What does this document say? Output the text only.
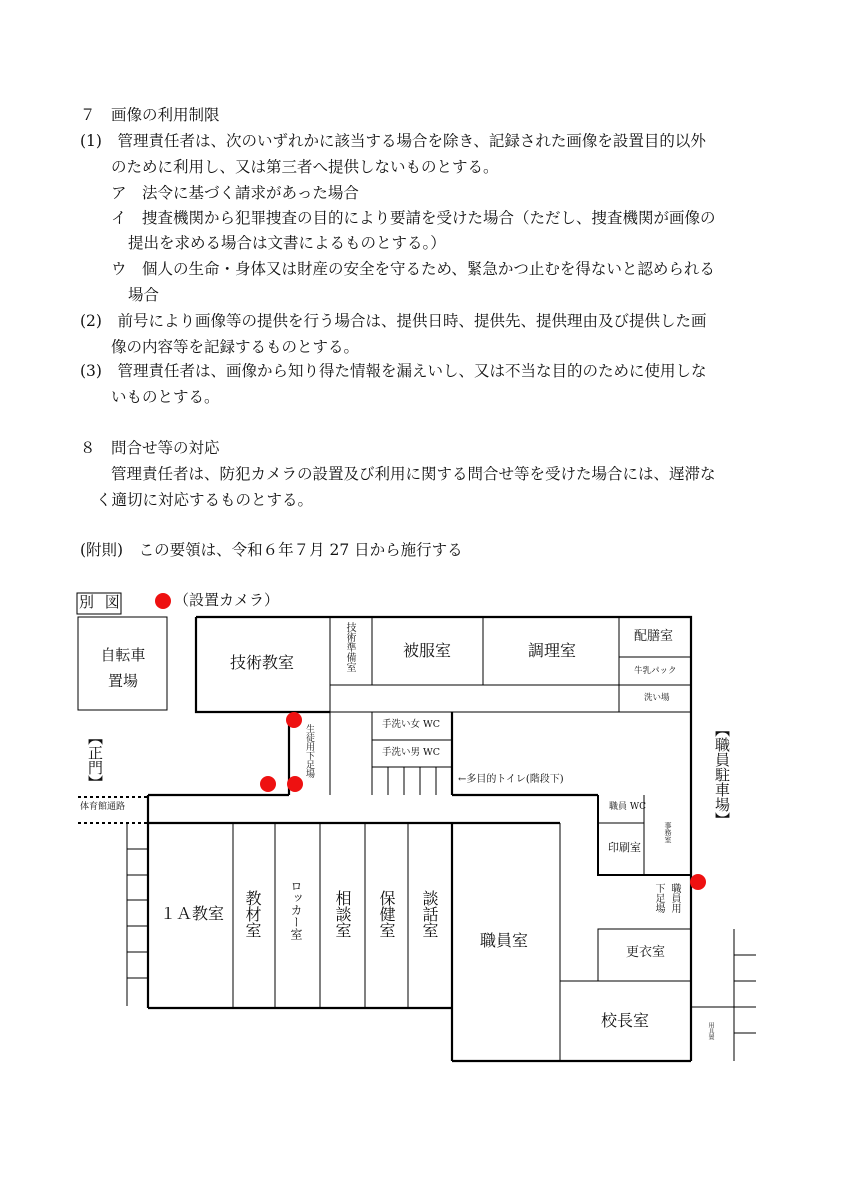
７　画像の利用制限
(1)　管理責任者は、次のいずれかに該当する場合を除き、記録された画像を設置目的以外
のために利用し、又は第三者へ提供しないものとする。
ア　法令に基づく請求があった場合
イ　捜査機関から犯罪捜査の目的により要請を受けた場合（ただし、捜査機関が画像の
提出を求める場合は文書によるものとする。）
ウ　個人の生命・身体又は財産の安全を守るため、緊急かつ止むを得ないと認められる
場合
(2)　前号により画像等の提供を行う場合は、提供日時、提供先、提供理由及び提供した画
像の内容等を記録するものとする。
(3)　管理責任者は、画像から知り得た情報を漏えいし、又は不当な目的のために使用しな
いものとする。
８　問合せ等の対応
管理責任者は、防犯カメラの設置及び利用に関する問合せ等を受けた場合には、遅滞な
く適切に対応するものとする。
(附則)　この要領は、令和６年７月 27 日から施行する
別 図	（設置カメラ）
自転車
置場
技術教室	技術準備室	被服室	調理室
配膳室
牛乳パック
洗い場
【正門】	【職員駐車場】
生徒用下足場	手洗い女 WC
手洗い男 WC
←多目的トイレ(階段下)
体育館通路	職員 WC
事務室
印刷室
職員用
下足場
１Ａ教室 教材室 ロッカー室 相談室 保健室 談話室
職員室
更衣室
校長室
用具置
